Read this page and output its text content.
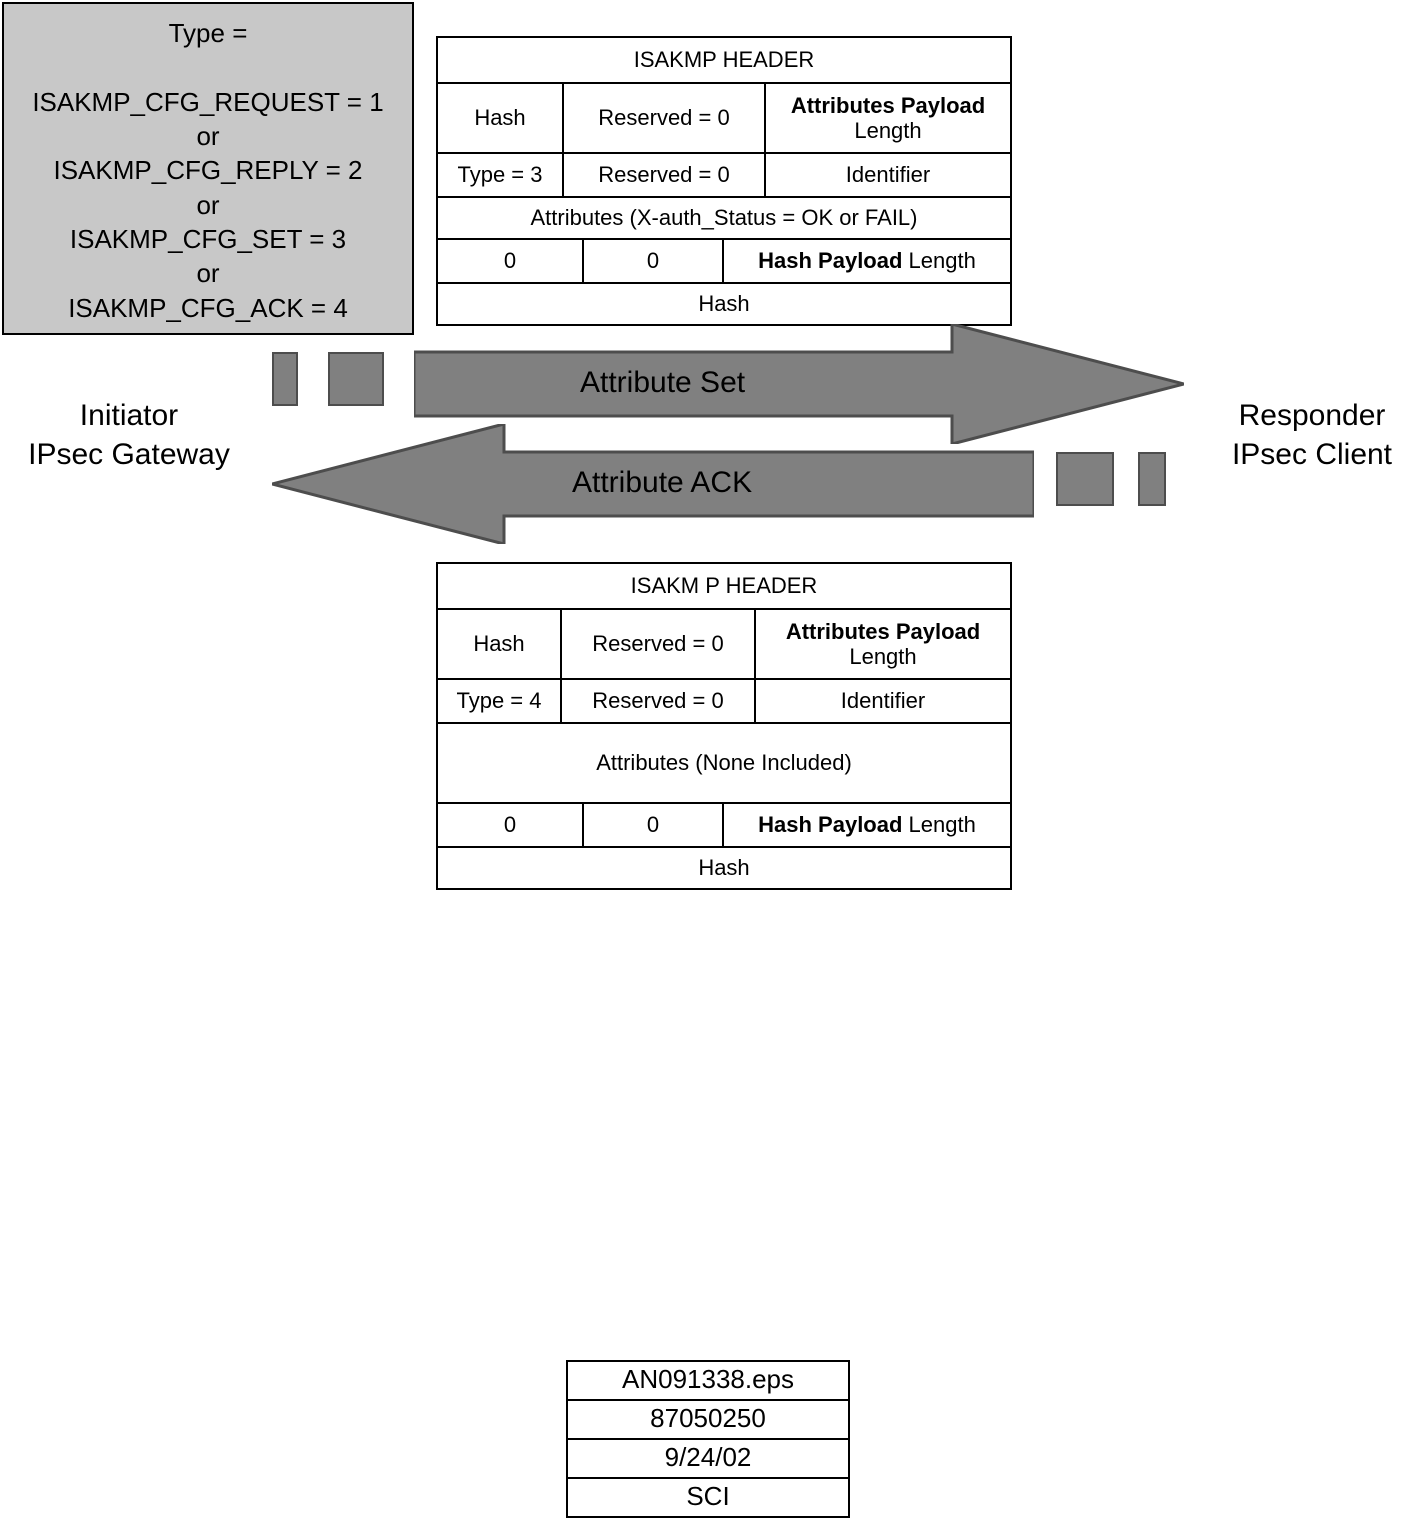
Type =

ISAKMP_CFG_REQUEST = 1
or
ISAKMP_CFG_REPLY = 2
or
ISAKMP_CFG_SET = 3
or
ISAKMP_CFG_ACK = 4
ISAKMP HEADER
Hash	Reserved = 0	Attributes Payload
Length
Type = 3	Reserved = 0	Identifier
Attributes (X-auth_Status = OK or FAIL)
0	0	Hash Payload
Length
Hash
Initiator
IPsec Gateway
Responder
IPsec Client
Attribute Set
Attribute ACK
ISAKM P HEADER
Hash	Reserved = 0	Attributes Payload
Length
Type = 4	Reserved = 0	Identifier
Attributes (None Included)
0	0	Hash Payload
Length
Hash
AN091338.eps
87050250
9/24/02
SCI
